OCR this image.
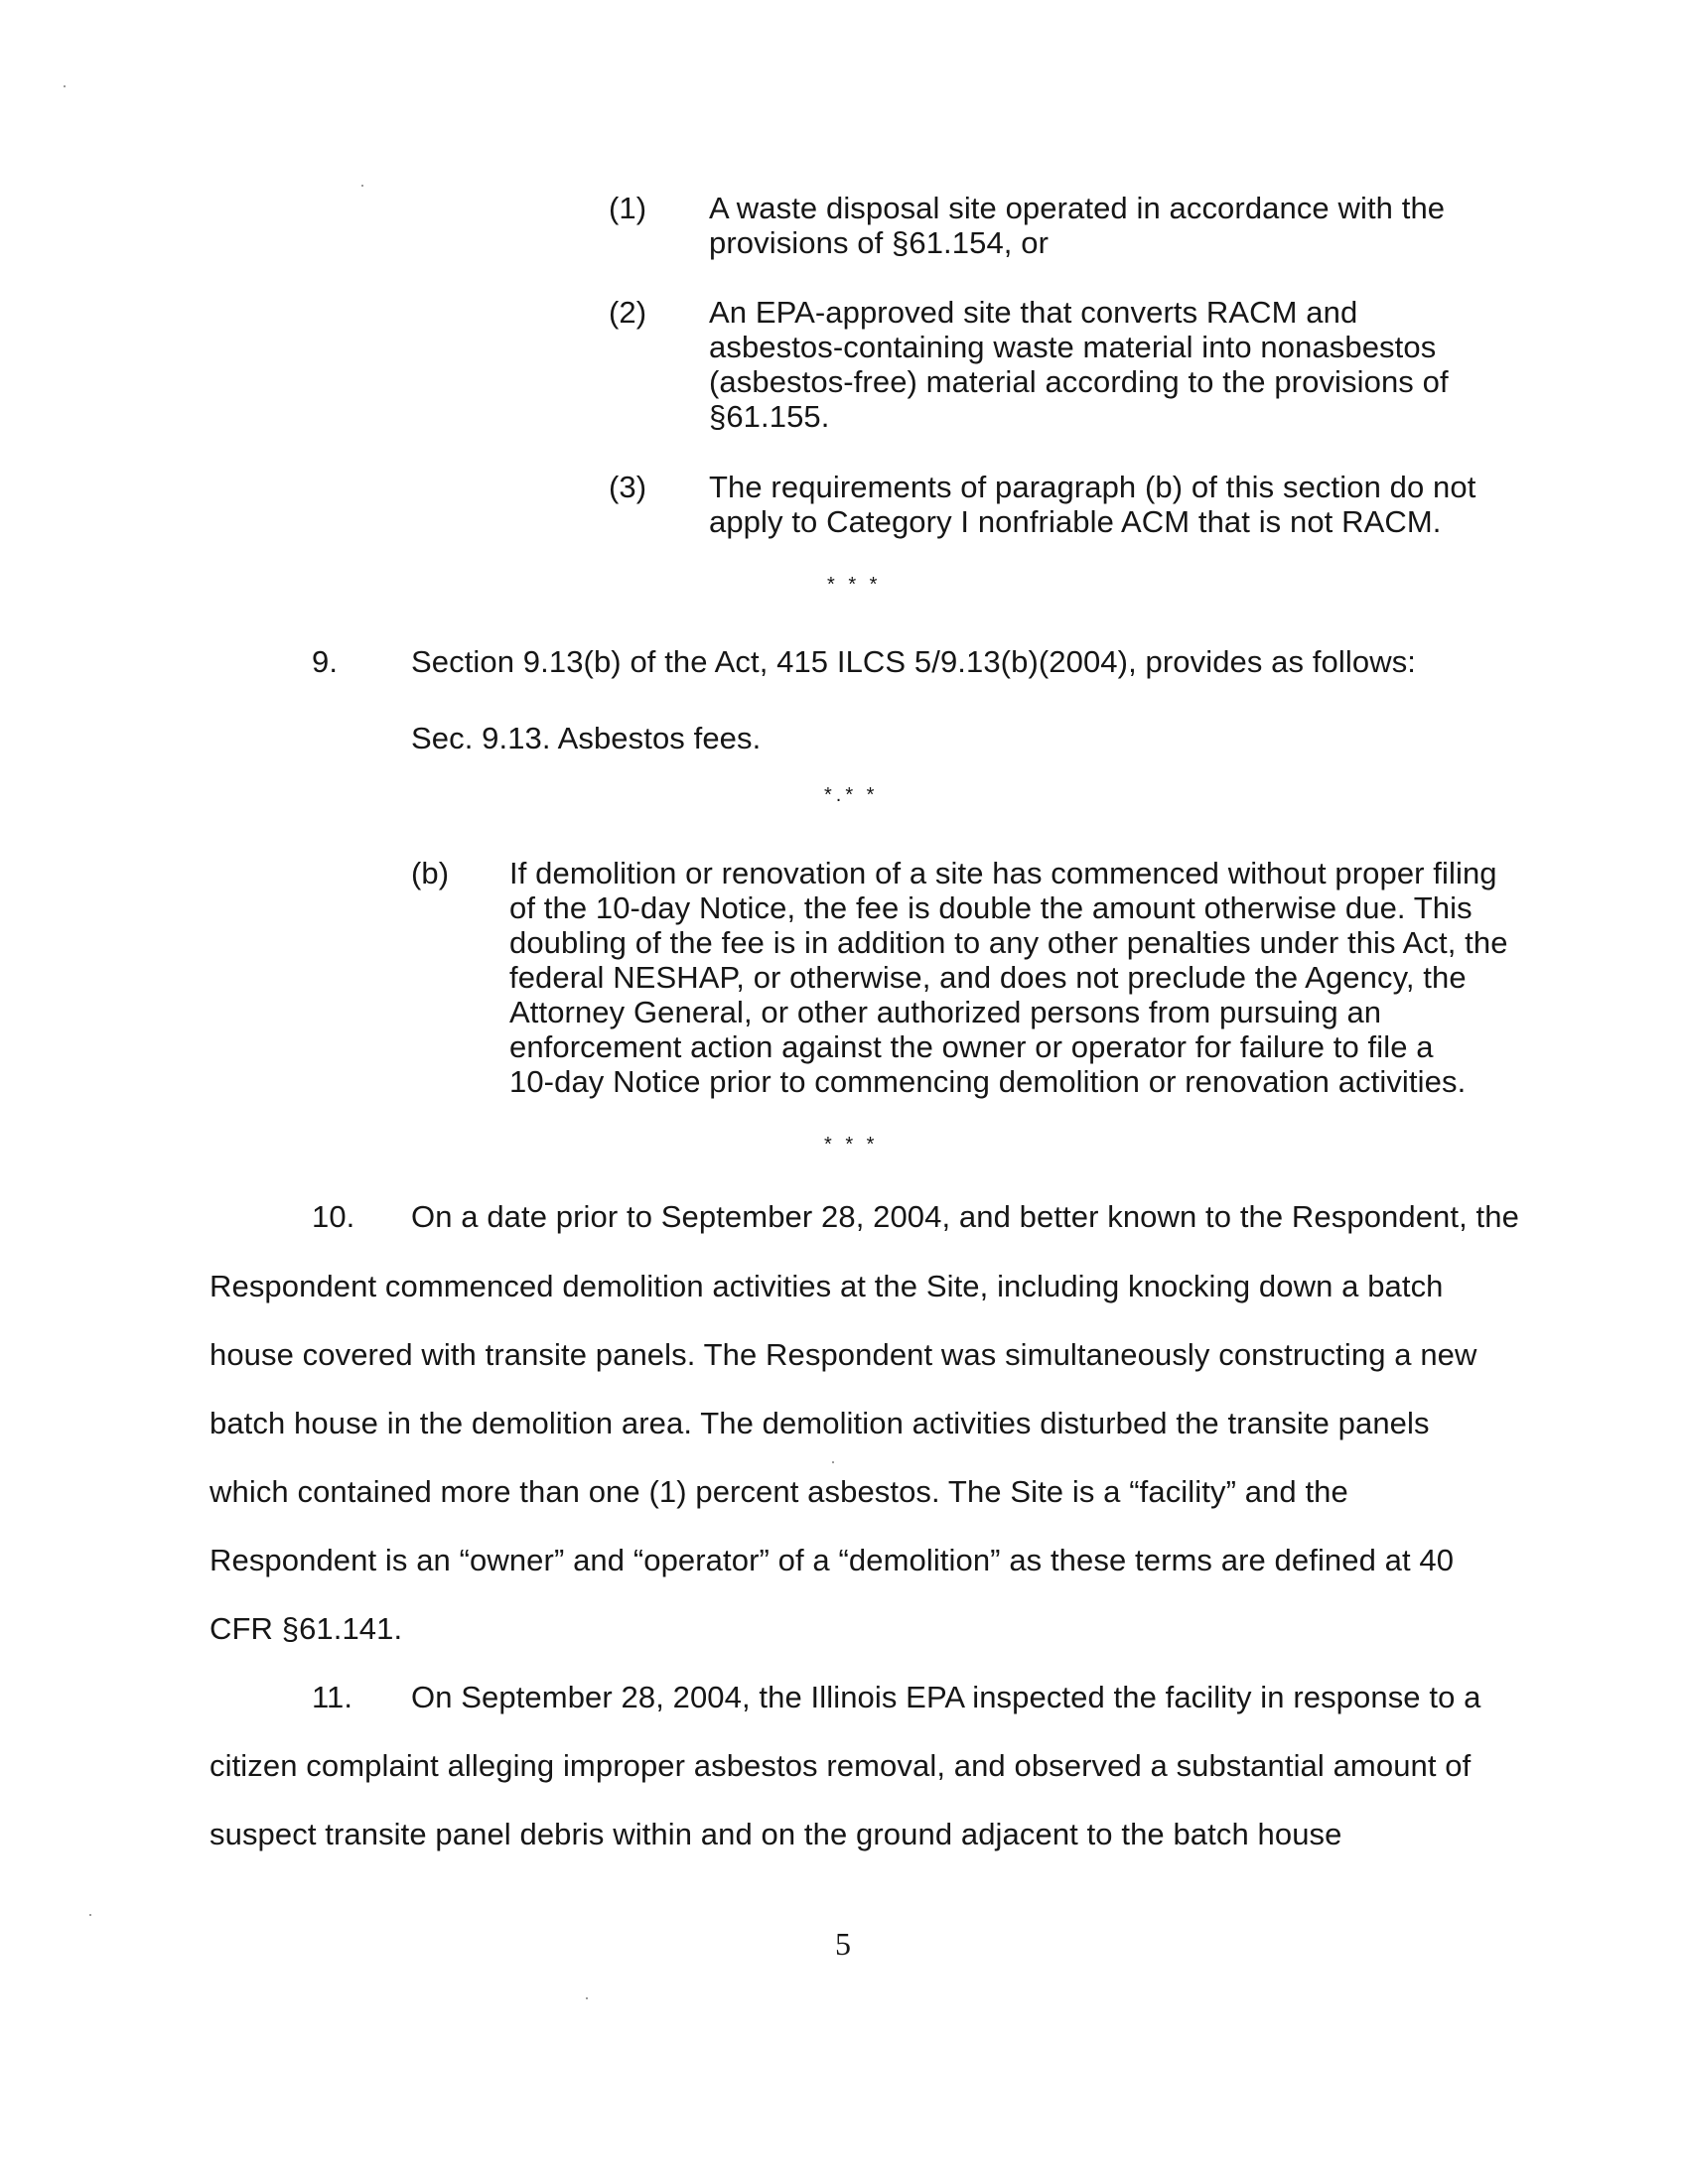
(1) A waste disposal site operated in accordance with the
provisions of §61.154, or
(2) An EPA-approved site that converts RACM and
asbestos-containing waste material into nonasbestos
(asbestos-free) material according to the provisions of
§61.155.
(3) The requirements of paragraph (b) of this section do not
apply to Category I nonfriable ACM that is not RACM.
* * *
9. Section 9.13(b) of the Act, 415 ILCS 5/9.13(b)(2004), provides as follows:
Sec. 9.13. Asbestos fees.
*.* *
(b) If demolition or renovation of a site has commenced without proper filing
of the 10-day Notice, the fee is double the amount otherwise due. This
doubling of the fee is in addition to any other penalties under this Act, the
federal NESHAP, or otherwise, and does not preclude the Agency, the
Attorney General, or other authorized persons from pursuing an
enforcement action against the owner or operator for failure to file a
10-day Notice prior to commencing demolition or renovation activities.
* * *
10. On a date prior to September 28, 2004, and better known to the Respondent, the
Respondent commenced demolition activities at the Site, including knocking down a batch
house covered with transite panels. The Respondent was simultaneously constructing a new
batch house in the demolition area. The demolition activities disturbed the transite panels
which contained more than one (1) percent asbestos. The Site is a “facility” and the
Respondent is an “owner” and “operator” of a “demolition” as these terms are defined at 40
CFR §61.141.
11. On September 28, 2004, the Illinois EPA inspected the facility in response to a
citizen complaint alleging improper asbestos removal, and observed a substantial amount of
suspect transite panel debris within and on the ground adjacent to the batch house
5
